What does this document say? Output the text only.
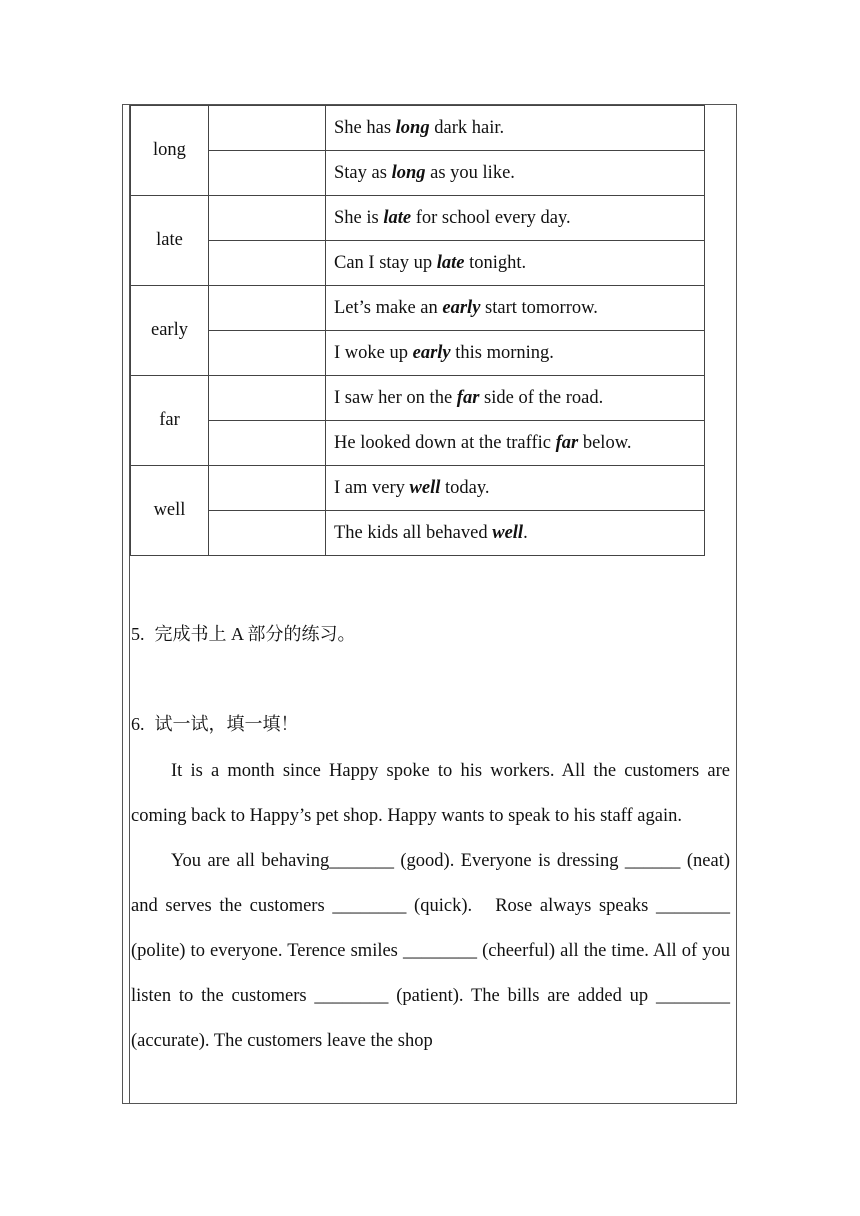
long		She has long dark hair.
		Stay as long as you like.
late		She is late for school every day.
		Can I stay up late tonight.
early		Let’s make an early start tomorrow.
		I woke up early this morning.
far		I saw her on the far side of the road.
		He looked down at the traffic far below.
well		I am very well today.
		The kids all behaved well.
5. 完成书上 A 部分的练习。
6. 试一试，填一填！

It is a month since Happy spoke to his workers. All the customers are coming back to Happy’s pet shop. Happy wants to speak to his staff again.

You are all behaving_______ (good). Everyone is dressing ______ (neat) and serves the customers ________ (quick).   Rose always speaks ________ (polite) to everyone. Terence smiles ________ (cheerful) all the time. All of you listen to the customers ________ (patient). The bills are added up ________ (accurate). The customers leave the shop
